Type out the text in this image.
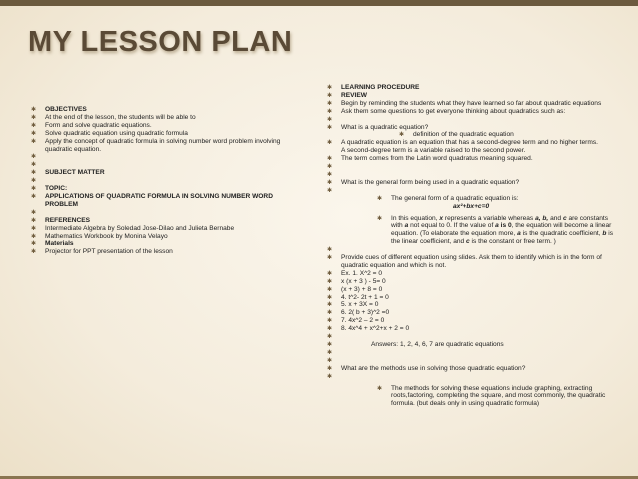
MY LESSON PLAN
✱	OBJECTIVES
✱	At the end of the lesson, the students will be able to
✱	Form and solve quadratic equations.
✱	Solve quadratic equation using quadratic formula
✱	Apply the concept of quadratic formula in solving number word problem involving quadratic equation.
✱
✱
✱	SUBJECT MATTER
✱
✱	TOPIC:
✱	APPLICATIONS OF QUADRATIC FORMULA IN SOLVING NUMBER WORD PROBLEM
✱
✱	REFERENCES
✱	Intermediate Algebra by Soledad Jose-Dilao and Julieta Bernabe
✱	Mathematics Workbook by Monina Velayo
✱	Materials
✱	Projector for PPT presentation of the lesson
✱	LEARNING PROCEDURE
✱	REVIEW
✱	Begin by reminding the students what they have learned so far about quadratic equations
✱	Ask them some questions to get everyone thinking about quadratics such as:
✱
✱	What is a quadratic equation?
✱	definition of the quadratic equation
✱	A quadratic equation is an equation that has a second-degree term and no higher terms.
A second-degree term is a variable raised to the second power.
✱	The term comes from the Latin word quadratus meaning squared.
✱
✱
✱	What is the general form being used in a quadratic equation?
✱
✱	The general form of a quadratic equation is:
ax²+bx+c=0
✱	In this equation, x represents a variable whereas a, b, and c are constants with a not equal to 0. If the value of a is 0, the equation will become a linear equation. (To elaborate the equation more, a is the quadratic coefficient, b is the linear coefficient, and c is the constant or free term. )
✱
✱	Provide cues of different equation using slides. Ask them to identify which is in the form of quadratic equation and which is not.
✱	Ex. 1. X^2 = 0
✱	x (x + 3 ) - 5= 0
✱	(x + 3) + 8 = 0
✱	4. t^2- 2t + 1 = 0
✱	5. x + 3X = 0
✱	6. 2( b + 3)^2 =0
✱	7. 4x^2 – 2 = 0
✱	8. 4x^4 + x^2+x + 2 = 0
✱
✱	Answers: 1, 2, 4, 6, 7 are quadratic equations
✱
✱
✱	What are the methods use in solving those quadratic equation?
✱
✱	The methods for solving these equations include graphing, extracting roots,factoring, completing the square, and most commonly, the quadratic formula. (but deals only in using quadratic formula)
